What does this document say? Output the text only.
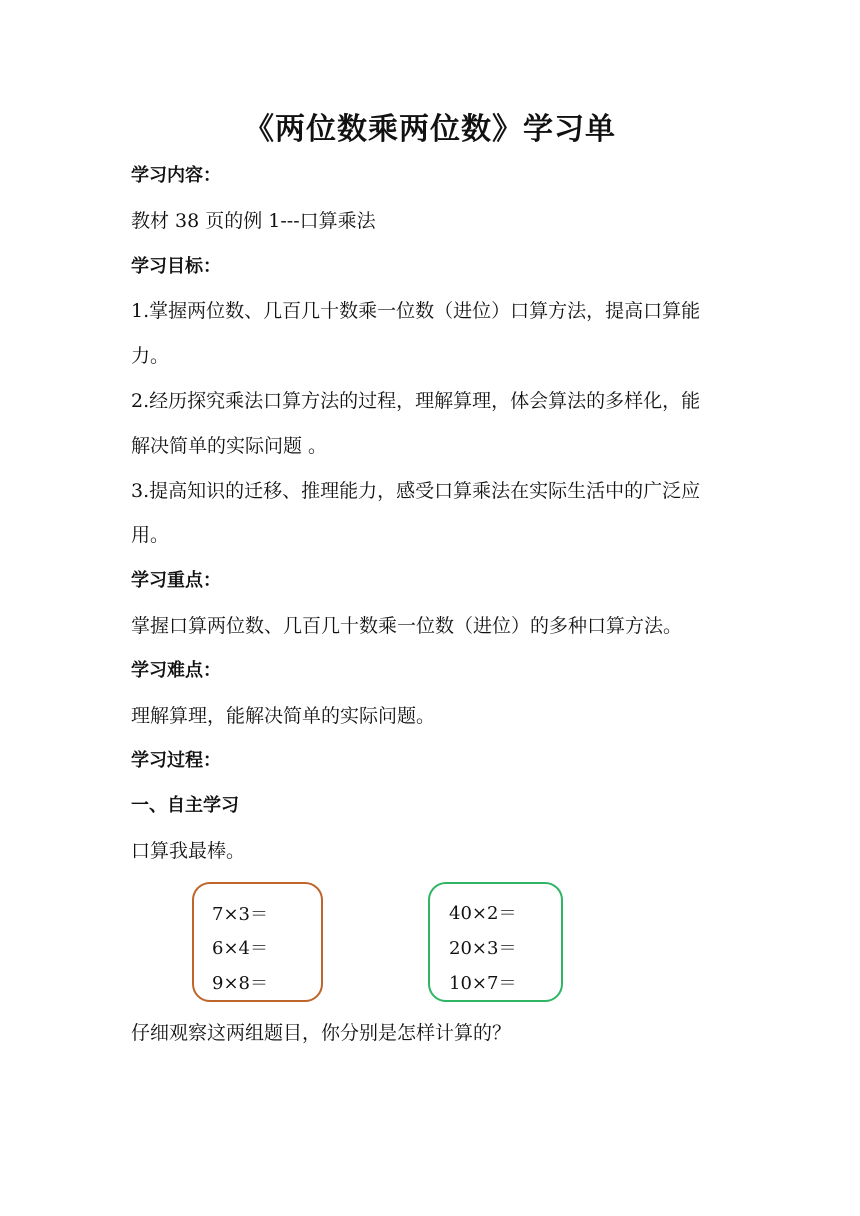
《两位数乘两位数》学习单
学习内容：
教材 38 页的例 1---口算乘法
学习目标：
1.掌握两位数、几百几十数乘一位数（进位）口算方法，提高口算能
力。
2.经历探究乘法口算方法的过程，理解算理，体会算法的多样化，能
解决简单的实际问题 。
3.提高知识的迁移、推理能力，感受口算乘法在实际生活中的广泛应
用。
学习重点：
掌握口算两位数、几百几十数乘一位数（进位）的多种口算方法。
学习难点：
理解算理，能解决简单的实际问题。
学习过程：
一、自主学习
口算我最棒。
7×3＝
6×4＝
9×8＝
40×2＝
20×3＝
10×7＝
仔细观察这两组题目，你分别是怎样计算的？
